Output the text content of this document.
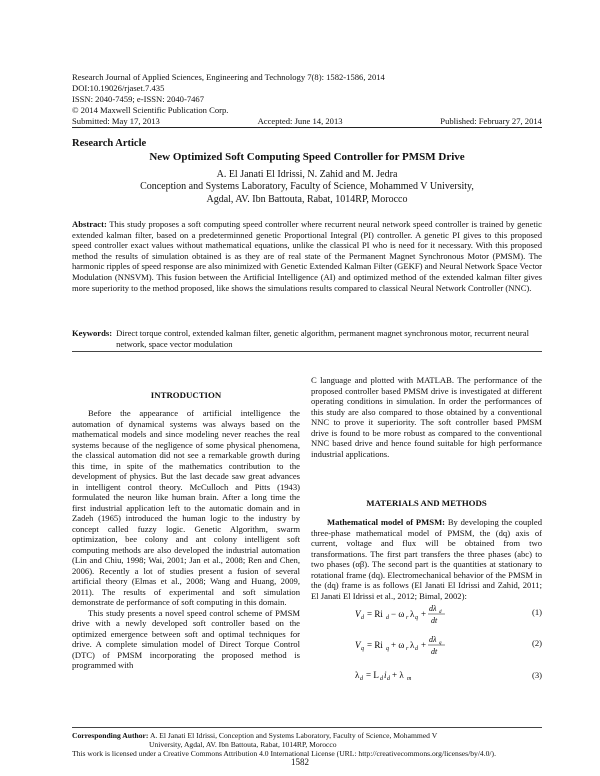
Research Journal of Applied Sciences, Engineering and Technology 7(8): 1582-1586, 2014
DOI:10.19026/rjaset.7.435
ISSN: 2040-7459; e-ISSN: 2040-7467
© 2014 Maxwell Scientific Publication Corp.
Submitted: May 17, 2013	Accepted: June 14, 2013	Published: February 27, 2014
Research Article
New Optimized Soft Computing Speed Controller for PMSM Drive
A. El Janati El Idrissi, N. Zahid and M. Jedra
Conception and Systems Laboratory, Faculty of Science, Mohammed V University,
Agdal, AV. Ibn Battouta, Rabat, 1014RP, Morocco
Abstract: This study proposes a soft computing speed controller where recurrent neural network speed controller is trained by genetic extended kalman filter, based on a predeterminned genetic Proportional Integral (PI) controller. A genetic PI gives to this proposed speed controller exact values without mathematical equations, unlike the classical PI who is need for it necessary. With this proposed method the results of simulation obtained is as they are of real state of the Permanent Magnet Synchronous Motor (PMSM). The harmonic ripples of speed response are also minimized with Genetic Extended Kalman Filter (GEKF) and Neural Network Space Vector Modulation (NNSVM). This fusion between the Artificial Intelligence (AI) and optimized method of the extended kalman filter gives more superiority to the method proposed, like shows the simulations results compared to classical Neural Network Controller (NNC).
Keywords: Direct torque control, extended kalman filter, genetic algorithm, permanent magnet synchronous motor, recurrent neural network, space vector modulation
INTRODUCTION

Before the appearance of artificial intelligence the automation of dynamical systems was always based on the mathematical models and since modeling never reaches the real systems because of the negligence of some physical phenomena, the classical automation did not see a remarkable growth during this time, in spite of the mathematics contribution to the development of physics. But the last decade saw great advances in intelligent control theory. McCulloch and Pitts (1943) formulated the neuron like human brain. After a long time the first industrial application left to the automatic domain and in Zadeh (1965) introduced the human logic to the industry by concept called fuzzy logic. Genetic Algorithm, swarm optimization, bee colony and ant colony intelligent soft computing methods are also developed the industrial automation (Lin and Chiu, 1998; Wai, 2001; Jan et al., 2008; Ren and Chen, 2006). Recently a lot of studies present a fusion of several artificial theory (Elmas et al., 2008; Wang and Huang, 2009, 2011). The results of experimental and soft simulation demonstrate de performance of soft computing in this domain.

This study presents a novel speed control scheme of PMSM drive with a newly developed soft controller based on the optimized emergence between soft and optimal techniques for drive. A complete simulation model of Direct Torque Control (DTC) of PMSM incorporating the proposed method is programmed with

C language and plotted with MATLAB. The performance of the proposed controller based PMSM drive is investigated at different operating conditions in simulation. In order the performances of this study are also compared to those obtained by a conventional NNC to prove it superiority. The soft controller based PMSM drive is found to be more robust as compared to the conventional NNC based drive and hence found suitable for high performance industrial applications.

MATERIALS AND METHODS

Mathematical model of PMSM: By developing the coupled three-phase mathematical model of PMSM, the (dq) axis of current, voltage and flux will be obtained from two transformations. The first part transfers the three phases (abc) to two phases (αβ). The second part is the quantities at stationary to rotational frame (dq). Electromechanical behavior of the PMSM in the (dq) frame is as follows (El Janati El Idrissi and Zahid, 2011; El Janati El Idrissi et al., 2012; Bimal, 2002):

V d = Ri d − ω r λ q +
dλ d
dt
(1)
V q = Ri q + ω r λ d +
dλ q
dt
(2)
λ d = L d i d + λ m	(3)
Corresponding Author: A. El Janati El Idrissi, Conception and Systems Laboratory, Faculty of Science, Mohammed V
University, Agdal, AV. Ibn Battouta, Rabat, 1014RP, Morocco
This work is licensed under a Creative Commons Attribution 4.0 International License (URL: http://creativecommons.org/licenses/by/4.0/).
1582
